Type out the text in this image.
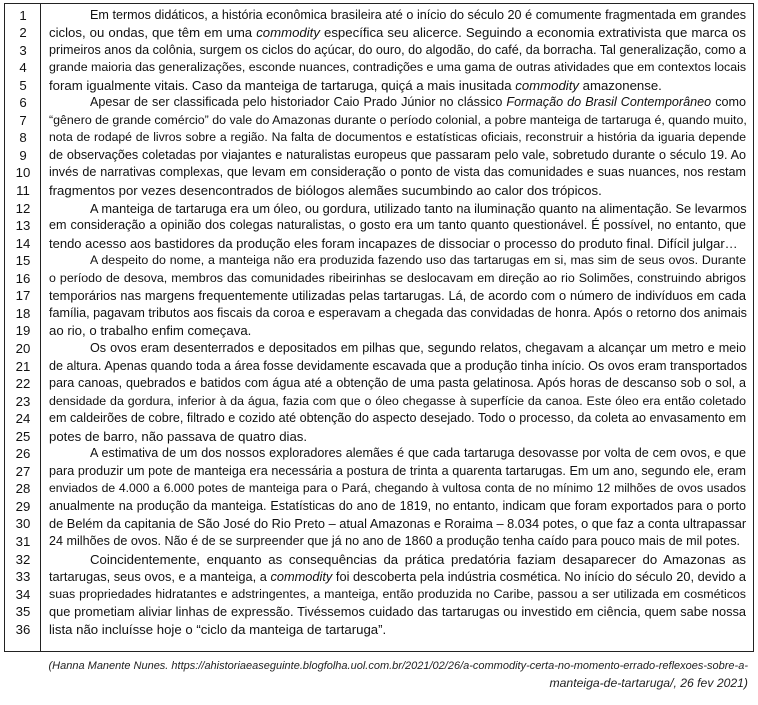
1
2
3
4
5
6
7
8
9
10
11
12
13
14
15
16
17
18
19
20
21
22
23
24
25
26
27
28
29
30
31
32
33
34
35
36
Em termos didáticos, a história econômica brasileira até o início do século 20 é comumente fragmentada em grandes
ciclos, ou ondas, que têm em uma commodity específica seu alicerce. Seguindo a economia extrativista que marca os
primeiros anos da colônia, surgem os ciclos do açúcar, do ouro, do algodão, do café, da borracha. Tal generalização, como a
grande maioria das generalizações, esconde nuances, contradições e uma gama de outras atividades que em contextos locais
foram igualmente vitais. Caso da manteiga de tartaruga, quiçá a mais inusitada commodity amazonense.
Apesar de ser classificada pelo historiador Caio Prado Júnior no clássico Formação do Brasil Contemporâneo como
“gênero de grande comércio” do vale do Amazonas durante o período colonial, a pobre manteiga de tartaruga é, quando muito,
nota de rodapé de livros sobre a região. Na falta de documentos e estatísticas oficiais, reconstruir a história da iguaria depende
de observações coletadas por viajantes e naturalistas europeus que passaram pelo vale, sobretudo durante o século 19. Ao
invés de narrativas complexas, que levam em consideração o ponto de vista das comunidades e suas nuances, nos restam
fragmentos por vezes desencontrados de biólogos alemães sucumbindo ao calor dos trópicos.
A manteiga de tartaruga era um óleo, ou gordura, utilizado tanto na iluminação quanto na alimentação. Se levarmos
em consideração a opinião dos colegas naturalistas, o gosto era um tanto quanto questionável. É possível, no entanto, que
tendo acesso aos bastidores da produção eles foram incapazes de dissociar o processo do produto final. Difícil julgar…
A despeito do nome, a manteiga não era produzida fazendo uso das tartarugas em si, mas sim de seus ovos. Durante
o período de desova, membros das comunidades ribeirinhas se deslocavam em direção ao rio Solimões, construindo abrigos
temporários nas margens frequentemente utilizadas pelas tartarugas. Lá, de acordo com o número de indivíduos em cada
família, pagavam tributos aos fiscais da coroa e esperavam a chegada das convidadas de honra. Após o retorno dos animais
ao rio, o trabalho enfim começava.
Os ovos eram desenterrados e depositados em pilhas que, segundo relatos, chegavam a alcançar um metro e meio
de altura. Apenas quando toda a área fosse devidamente escavada que a produção tinha início. Os ovos eram transportados
para canoas, quebrados e batidos com água até a obtenção de uma pasta gelatinosa. Após horas de descanso sob o sol, a
densidade da gordura, inferior à da água, fazia com que o óleo chegasse à superfície da canoa. Este óleo era então coletado
em caldeirões de cobre, filtrado e cozido até obtenção do aspecto desejado. Todo o processo, da coleta ao envasamento em
potes de barro, não passava de quatro dias.
A estimativa de um dos nossos exploradores alemães é que cada tartaruga desovasse por volta de cem ovos, e que
para produzir um pote de manteiga era necessária a postura de trinta a quarenta tartarugas. Em um ano, segundo ele, eram
enviados de 4.000 a 6.000 potes de manteiga para o Pará, chegando à vultosa conta de no mínimo 12 milhões de ovos usados
anualmente na produção da manteiga. Estatísticas do ano de 1819, no entanto, indicam que foram exportados para o porto
de Belém da capitania de São José do Rio Preto – atual Amazonas e Roraima – 8.034 potes, o que faz a conta ultrapassar
24 milhões de ovos. Não é de se surpreender que já no ano de 1860 a produção tenha caído para pouco mais de mil potes.
Coincidentemente, enquanto as consequências da prática predatória faziam desaparecer do Amazonas as
tartarugas, seus ovos, e a manteiga, a commodity foi descoberta pela indústria cosmética. No início do século 20, devido a
suas propriedades hidratantes e adstringentes, a manteiga, então produzida no Caribe, passou a ser utilizada em cosméticos
que prometiam aliviar linhas de expressão. Tivéssemos cuidado das tartarugas ou investido em ciência, quem sabe nossa
lista não incluísse hoje o “ciclo da manteiga de tartaruga”.
(Hanna Manente Nunes. https://ahistoriaeaseguinte.blogfolha.uol.com.br/2021/02/26/a-commodity-certa-no-momento-errado-reflexoes-sobre-a-
manteiga-de-tartaruga/, 26 fev 2021)
